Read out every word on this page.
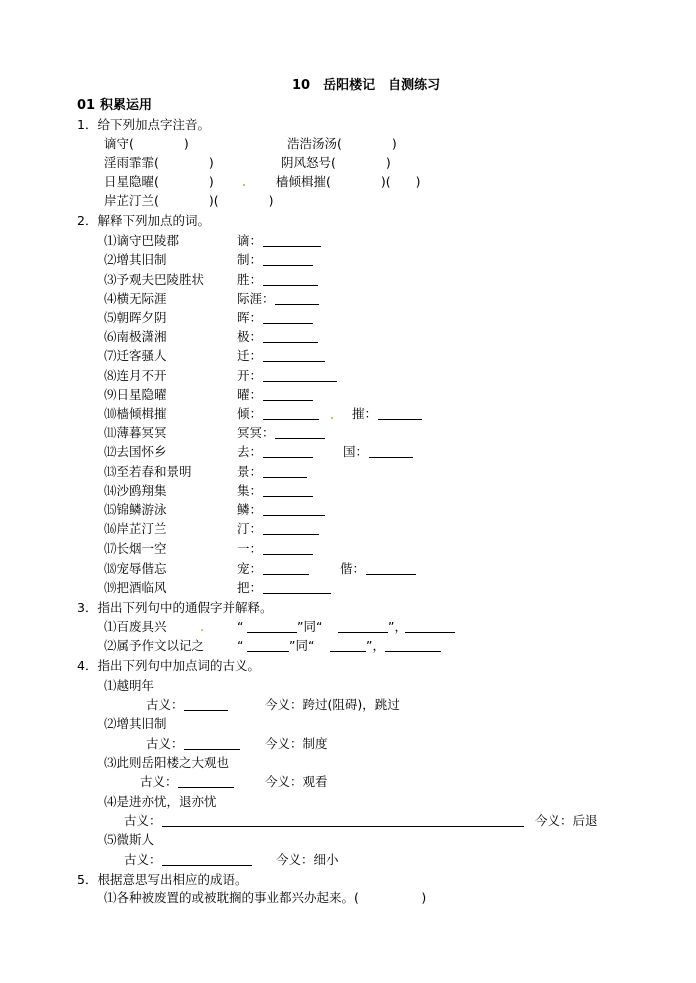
10　岳阳楼记　自测练习
01 积累运用
1．给下列加点字注音。
谪守(　　　　)	浩浩汤汤(　　　　)
淫雨霏霏(　　　　)	阴风怒号(　　　　)
日星隐曜(　　　　)	樯倾楫摧(　　　　)(　　)
岸芷汀兰(　　　　)(　　　　)
2．解释下列加点的词。
⑴谪守巴陵郡	谪：
⑵增其旧制	制：
⑶予观夫巴陵胜状	胜：
⑷横无际涯	际涯：
⑸朝晖夕阴	晖：
⑹南极潇湘	极：
⑺迁客骚人	迁：
⑻连月不开	开：
⑼日星隐曜	曜：
⑽樯倾楫摧	倾：	摧：
⑾薄暮冥冥	冥冥：
⑿去国怀乡	去：	国：
⒀至若春和景明	景：
⒁沙鸥翔集	集：
⒂锦鳞游泳	鳞：
⒃岸芷汀兰	汀：
⒄长烟一空	一：
⒅宠辱偕忘	宠：	偕：
⒆把酒临风	把：
3．指出下列句中的通假字并解释。
⑴百废具兴	“	”同“	”，
⑵属予作文以记之	“	”同“	”，
4．指出下列句中加点词的古义。
⑴越明年
古义：	今义：跨过(阻碍)，跳过
⑵增其旧制
古义：	今义：制度
⑶此则岳阳楼之大观也
古义：	今义：观看
⑷是进亦忧，退亦忧
古义：	今义：后退
⑸微斯人
古义：	今义：细小
5．根据意思写出相应的成语。
⑴各种被废置的或被耽搁的事业都兴办起来。(　　　　　)
